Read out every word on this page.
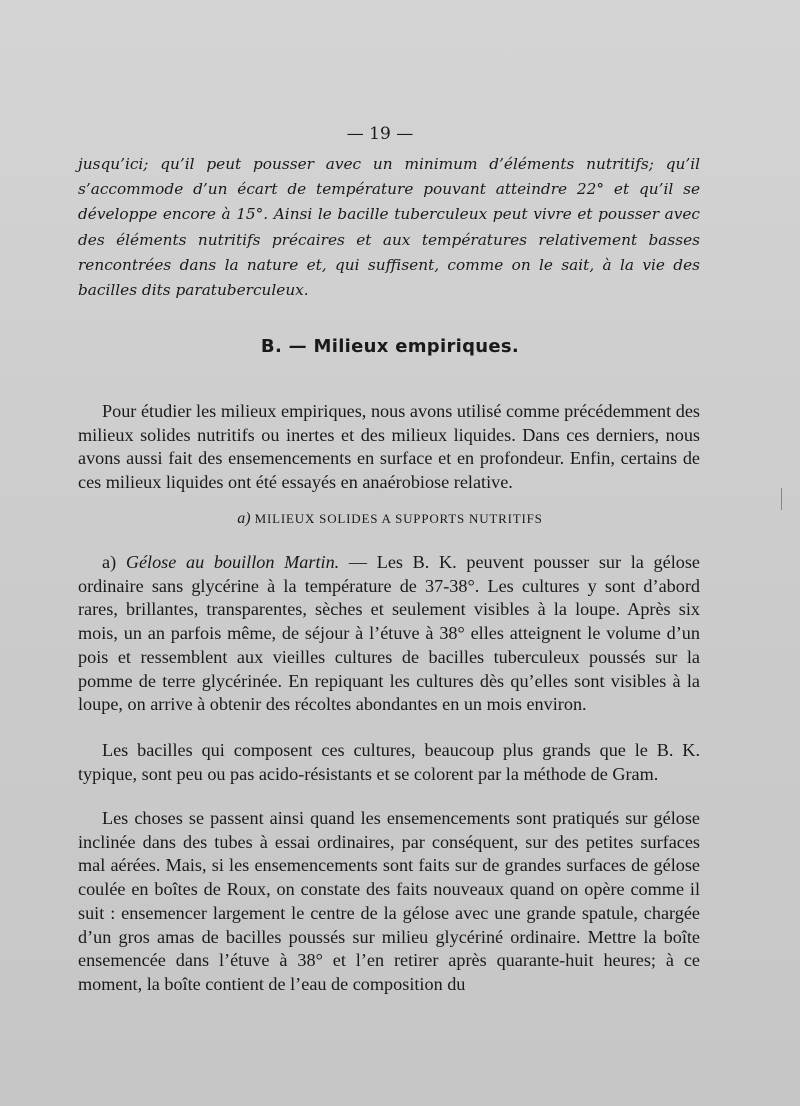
— 19 —

jusqu’ici; qu’il peut pousser avec un minimum d’éléments nutritifs; qu’il s’accommode d’un écart de température pouvant atteindre 22° et qu’il se développe encore à 15°. Ainsi le bacille tuberculeux peut vivre et pousser avec des éléments nutritifs précaires et aux températures relativement basses rencontrées dans la nature et, qui suffisent, comme on le sait, à la vie des bacilles dits paratuberculeux.

B. — Milieux empiriques.

Pour étudier les milieux empiriques, nous avons utilisé comme précédemment des milieux solides nutritifs ou inertes et des milieux liquides. Dans ces derniers, nous avons aussi fait des ensemencements en surface et en profondeur. Enfin, certains de ces milieux liquides ont été essayés en anaérobiose relative.

a) MILIEUX SOLIDES A SUPPORTS NUTRITIFS

a) Gélose au bouillon Martin. — Les B. K. peuvent pousser sur la gélose ordinaire sans glycérine à la température de 37-38°. Les cultures y sont d’abord rares, brillantes, transparentes, sèches et seulement visibles à la loupe. Après six mois, un an parfois même, de séjour à l’étuve à 38° elles atteignent le volume d’un pois et ressemblent aux vieilles cultures de bacilles tuberculeux poussés sur la pomme de terre glycérinée. En repiquant les cultures dès qu’elles sont visibles à la loupe, on arrive à obtenir des récoltes abondantes en un mois environ.

Les bacilles qui composent ces cultures, beaucoup plus grands que le B. K. typique, sont peu ou pas acido-résistants et se colorent par la méthode de Gram.

Les choses se passent ainsi quand les ensemencements sont pratiqués sur gélose inclinée dans des tubes à essai ordinaires, par conséquent, sur des petites surfaces mal aérées. Mais, si les ensemencements sont faits sur de grandes surfaces de gélose coulée en boîtes de Roux, on constate des faits nouveaux quand on opère comme il suit : ensemencer largement le centre de la gélose avec une grande spatule, chargée d’un gros amas de bacilles poussés sur milieu glycériné ordinaire. Mettre la boîte ensemencée dans l’étuve à 38° et l’en retirer après quarante-huit heures; à ce moment, la boîte contient de l’eau de composition du
